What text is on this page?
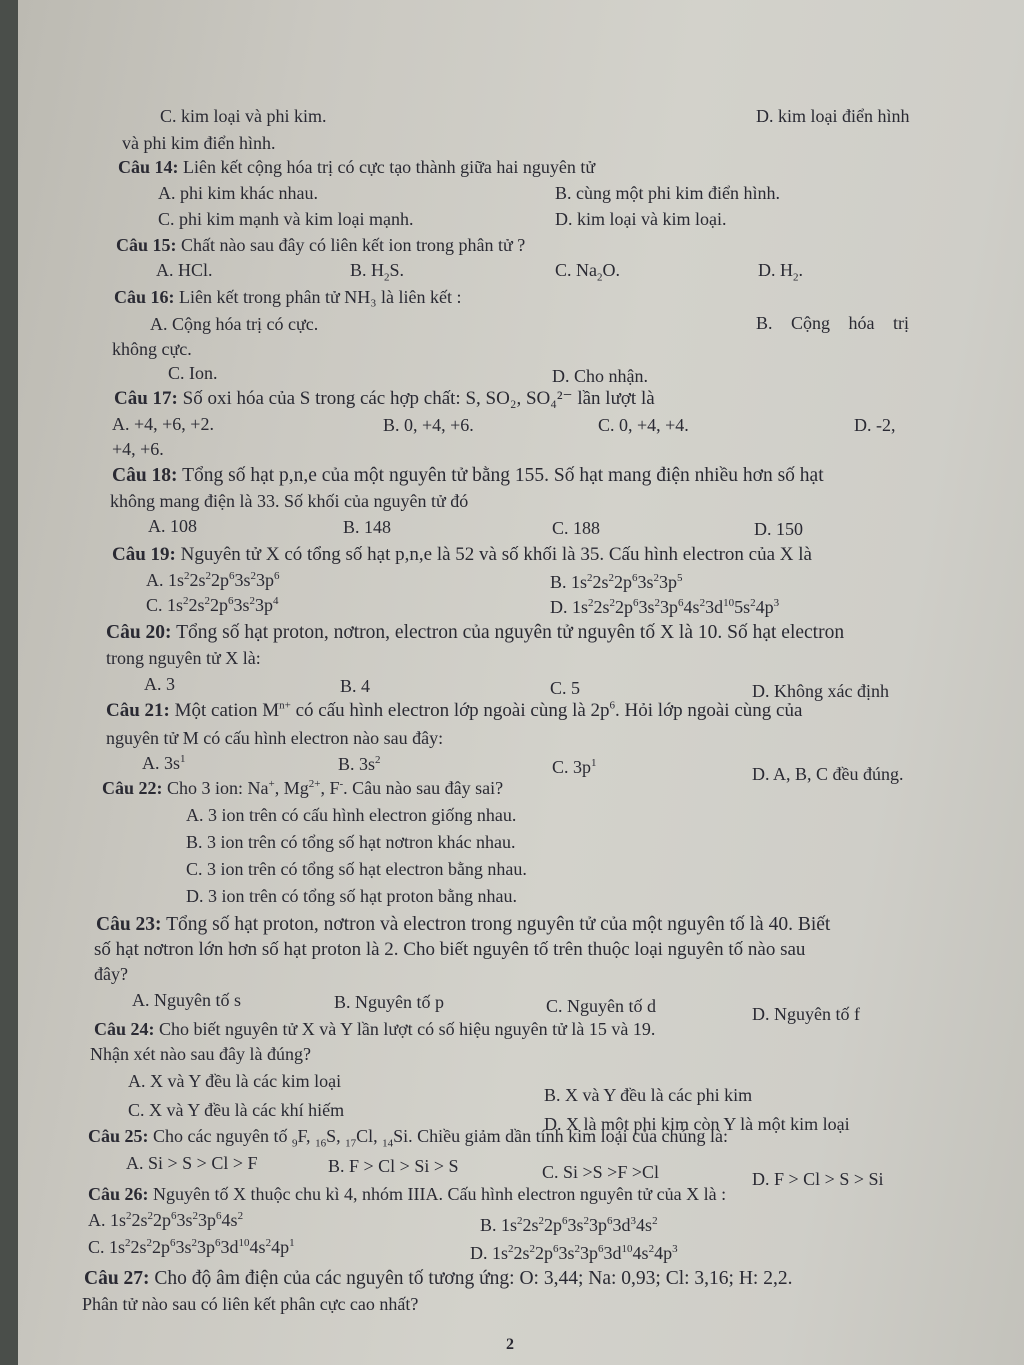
C. kim loại và phi kim.	D. kim loại điển hình
và phi kim điển hình.
Câu 14: Liên kết cộng hóa trị có cực tạo thành giữa hai nguyên tử
A. phi kim khác nhau.	B. cùng một phi kim điển hình.
C. phi kim mạnh và kim loại mạnh.	D. kim loại và kim loại.
Câu 15: Chất nào sau đây có liên kết ion trong phân tử ?
A. HCl.	B. $H_2S$.	C. $Na_2O$.	D. $H_2$.
Câu 16: Liên kết trong phân tử NH₃ là liên kết :
A. Cộng hóa trị có cực.	B. Cộng hóa trị
không cực.
C. Ion.	D. Cho nhận.
Câu 17: Số oxi hóa của S trong các hợp chất: S, SO₂, SO₄²⁻ lần lượt là
A. +4, +6, +2.	B. 0, +4, +6.	C. 0, +4, +4.	D. -2,
+4, +6.
Câu 18: Tổng số hạt p,n,e của một nguyên tử bằng 155. Số hạt mang điện nhiều hơn số hạt
không mang điện là 33. Số khối của nguyên tử đó
A. 108	B. 148	C. 188	D. 150
Câu 19: Nguyên tử X có tổng số hạt p,n,e là 52 và số khối là 35. Cấu hình electron của X là
A. $1s^22s^22p^63s^23p^6$	B. $1s^22s^22p^63s^23p^5$
C. $1s^22s^22p^63s^23p^4$	D. $1s^22s^22p^63s^23p^64s^23d^{10}5s^24p^3$
Câu 20: Tổng số hạt proton, nơtron, electron của nguyên tử nguyên tố X là 10. Số hạt electron
trong nguyên tử X là:
A. 3	B. 4	C. 5	D. Không xác định
Câu 21: Một cation $M^{n+}$ có cấu hình electron lớp ngoài cùng là $2p^6$. Hỏi lớp ngoài cùng của
nguyên tử M có cấu hình electron nào sau đây:
A. $3s^1$	B. $3s^2$	C. $3p^1$
D. A, B, C đều đúng.
Câu 22: Cho 3 ion: Na+, $Mg^{2+}$, F-. Câu nào sau đây sai?
A. 3 ion trên có cấu hình electron giống nhau.
B. 3 ion trên có tổng số hạt nơtron khác nhau.
C. 3 ion trên có tổng số hạt electron bằng nhau.
D. 3 ion trên có tổng số hạt proton bằng nhau.
Câu 23: Tổng số hạt proton, nơtron và electron trong nguyên tử của một nguyên tố là 40. Biết
số hạt nơtron lớn hơn số hạt proton là 2. Cho biết nguyên tố trên thuộc loại nguyên tố nào sau
đây?
A. Nguyên tố s	B. Nguyên tố p	C. Nguyên tố d	D. Nguyên tố f
Câu 24: Cho biết nguyên tử X và Y lần lượt có số hiệu nguyên tử là 15 và 19.
Nhận xét nào sau đây là đúng?
A. X và Y đều là các kim loại
B. X và Y đều là các phi kim
C. X và Y đều là các khí hiếm
D. X là một phi kim còn Y là một kim loại
Câu 25: Cho các nguyên tố $_9$F, $_{16}$S, $_{17}$Cl, $_{14}$Si. Chiều giảm dần tính kim loại của chúng là:
A. Si > S > Cl > F	B. F > Cl > Si > S	C. Si >S >F >Cl	D. F > Cl > S > Si
Câu 26: Nguyên tố X thuộc chu kì 4, nhóm IIIA. Cấu hình electron nguyên tử của X là :
A. $1s^22s^22p^63s^23p^64s^2$	B. $1s^22s^22p^63s^23p^63d^34s^2$
C. $1s^22s^22p^63s^23p^63d^{10}4s^24p^1$	D. $1s^22s^22p^63s^23p^63d^{10}4s^24p^3$
Câu 27: Cho độ âm điện của các nguyên tố tương ứng: O: 3,44; Na: 0,93; Cl: 3,16; H: 2,2.
Phân tử nào sau có liên kết phân cực cao nhất?
2
